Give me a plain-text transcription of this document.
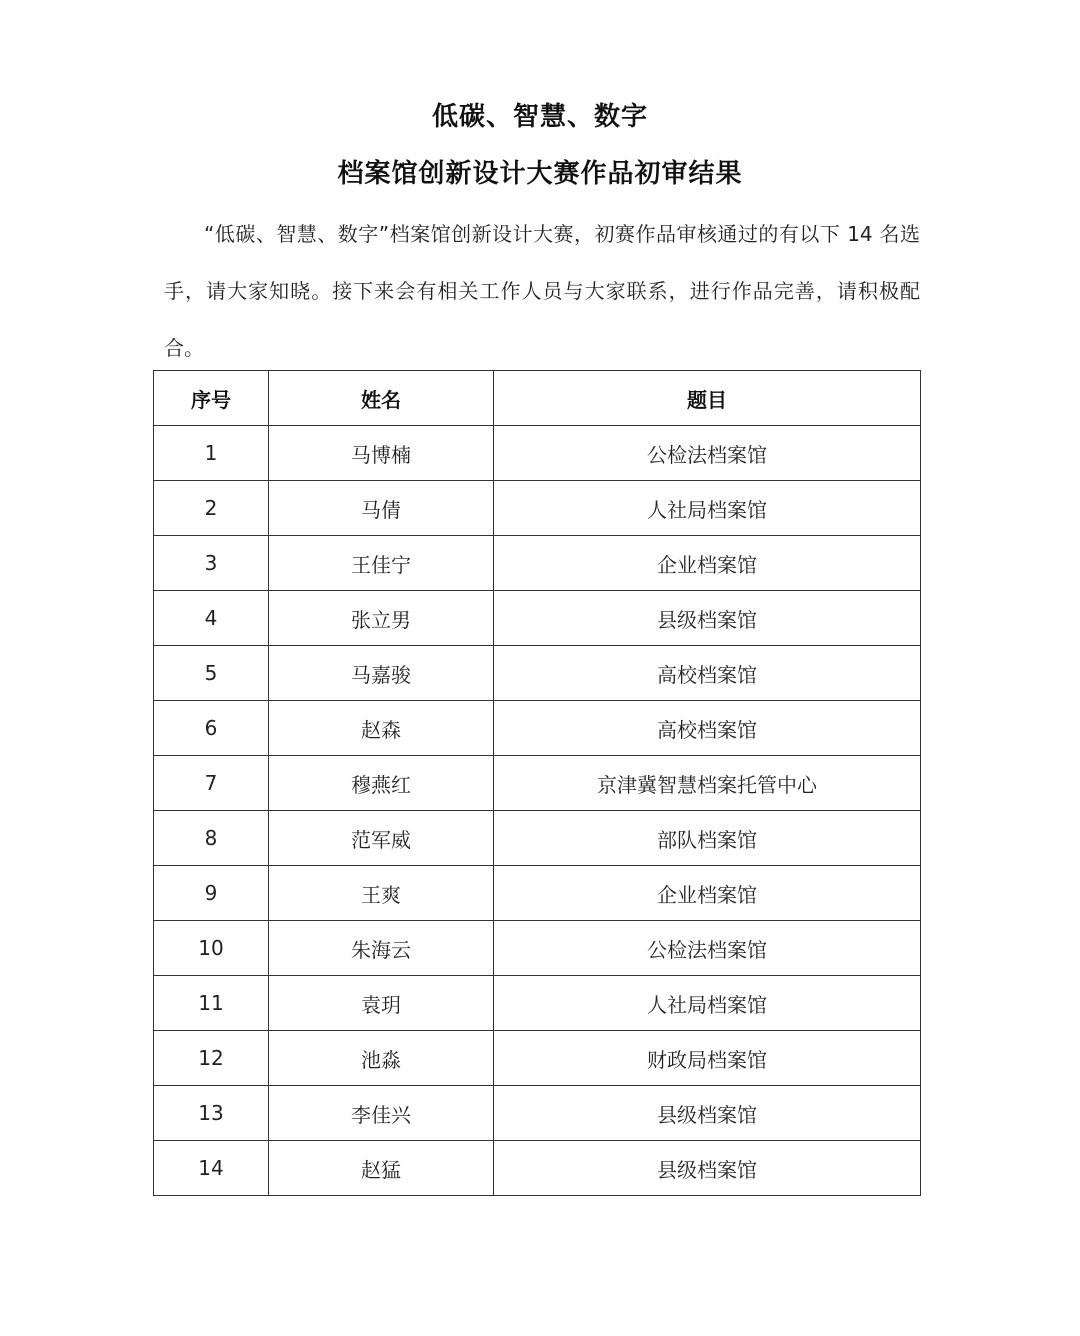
低碳、智慧、数字
档案馆创新设计大赛作品初审结果
“低碳、智慧、数字”档案馆创新设计大赛，初赛作品审核通过的有以下 14 名选手，请大家知晓。接下来会有相关工作人员与大家联系，进行作品完善，请积极配合。
序号	姓名	题目
1	马博楠	公检法档案馆
2	马倩	人社局档案馆
3	王佳宁	企业档案馆
4	张立男	县级档案馆
5	马嘉骏	高校档案馆
6	赵森	高校档案馆
7	穆燕红	京津冀智慧档案托管中心
8	范军威	部队档案馆
9	王爽	企业档案馆
10	朱海云	公检法档案馆
11	袁玥	人社局档案馆
12	池淼	财政局档案馆
13	李佳兴	县级档案馆
14	赵猛	县级档案馆
